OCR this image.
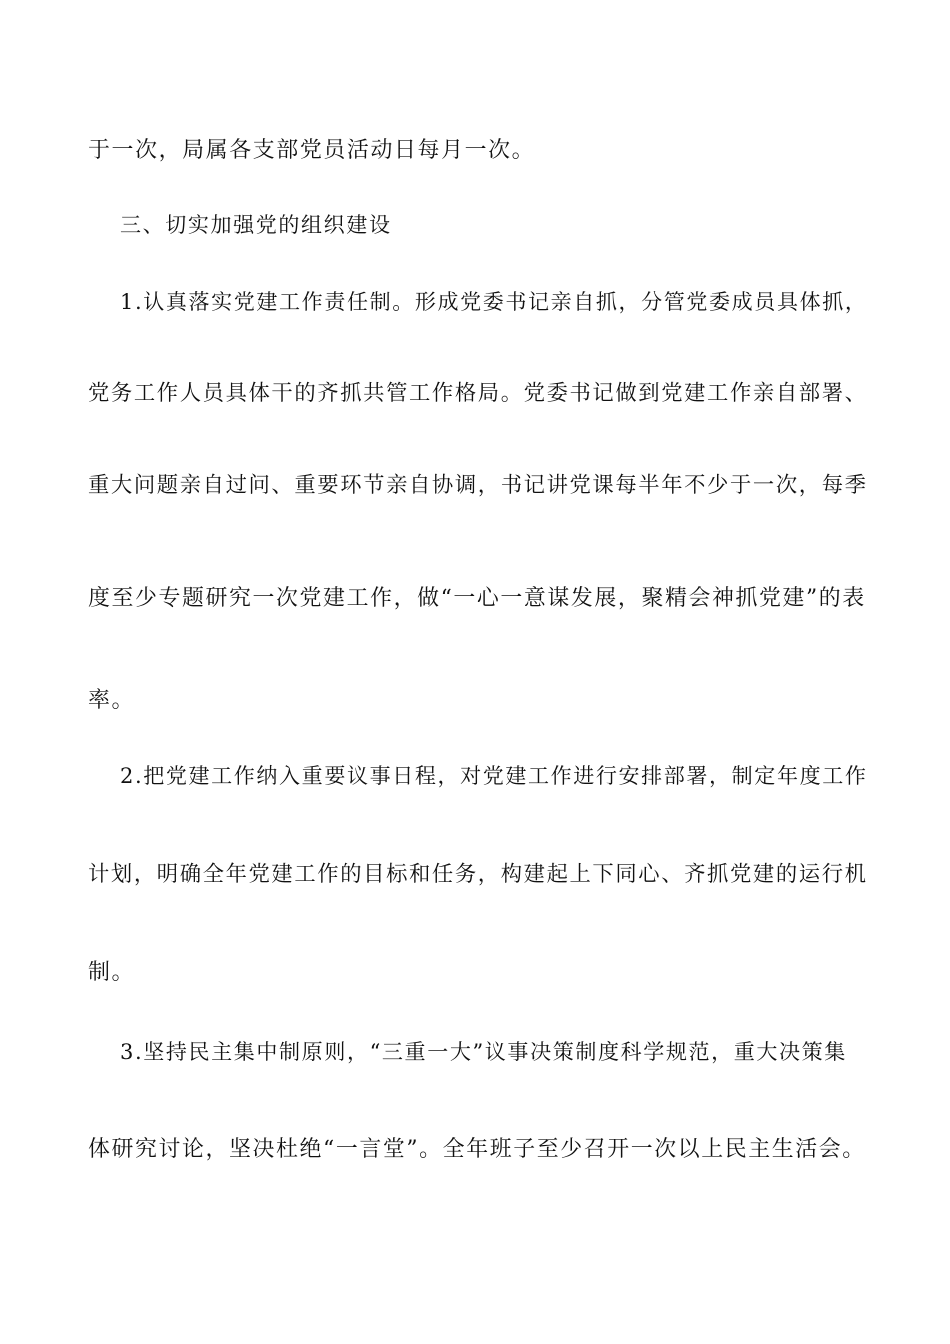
于一次，局属各支部党员活动日每月一次。
三、切实加强党的组织建设
1.认真落实党建工作责任制。形成党委书记亲自抓，分管党委成员具体抓，
党务工作人员具体干的齐抓共管工作格局。党委书记做到党建工作亲自部署、
重大问题亲自过问、重要环节亲自协调，书记讲党课每半年不少于一次，每季
度至少专题研究一次党建工作，做“一心一意谋发展，聚精会神抓党建”的表
率。
2.把党建工作纳入重要议事日程，对党建工作进行安排部署，制定年度工作
计划，明确全年党建工作的目标和任务，构建起上下同心、齐抓党建的运行机
制。
3.坚持民主集中制原则，“三重一大”议事决策制度科学规范，重大决策集
体研究讨论，坚决杜绝“一言堂”。全年班子至少召开一次以上民主生活会。
